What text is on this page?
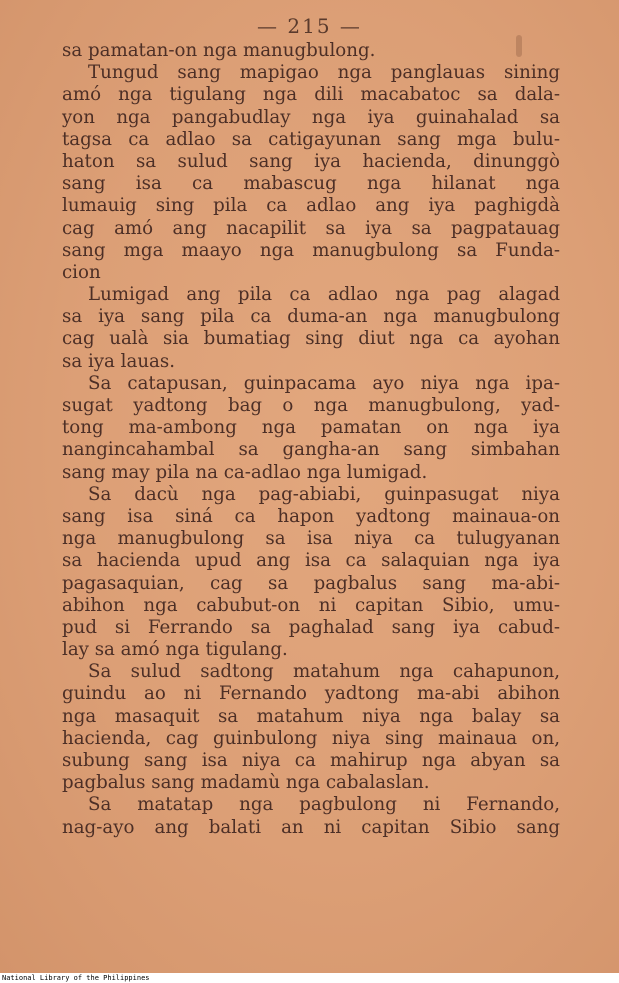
— 215 —
sa pamatan-on nga manugbulong.
Tungud sang mapigao nga panglauas sining
amó nga tigulang nga dili macabatoc sa dala-
yon nga pangabudlay nga iya guinahalad sa
tagsa ca adlao sa catigayunan sang mga bulu-
haton sa sulud sang iya hacienda, dinunggò
sang isa ca mabascug nga hilanat nga
lumauig sing pila ca adlao ang iya paghigdà
cag amó ang nacapilit sa iya sa pagpatauag
sang mga maayo nga manugbulong sa Funda-
cion
Lumigad ang pila ca adlao nga pag alagad
sa iya sang pila ca duma-an nga manugbulong
cag ualà sia bumatiag sing diut nga ca ayohan
sa iya lauas.
Sa catapusan, guinpacama ayo niya nga ipa-
sugat yadtong bag o nga manugbulong, yad-
tong ma-ambong nga pamatan on nga iya
nangincahambal sa gangha-an sang simbahan
sang may pila na ca-adlao nga lumigad.
Sa dacù nga pag-abiabi, guinpasugat niya
sang isa siná ca hapon yadtong mainaua-on
nga manugbulong sa isa niya ca tulugyanan
sa hacienda upud ang isa ca salaquian nga iya
pagasaquian, cag sa pagbalus sang ma-abi-
abihon nga cabubut-on ni capitan Sibio, umu-
pud si Ferrando sa paghalad sang iya cabud-
lay sa amó nga tigulang.
Sa sulud sadtong matahum nga cahapunon,
guindu ao ni Fernando yadtong ma-abi abihon
nga masaquit sa matahum niya nga balay sa
hacienda, cag guinbulong niya sing mainaua on,
subung sang isa niya ca mahirup nga abyan sa
pagbalus sang madamù nga cabalaslan.
Sa matatap nga pagbulong ni Fernando,
nag-ayo ang balati an ni capitan Sibio sang
National Library of the Philippines
